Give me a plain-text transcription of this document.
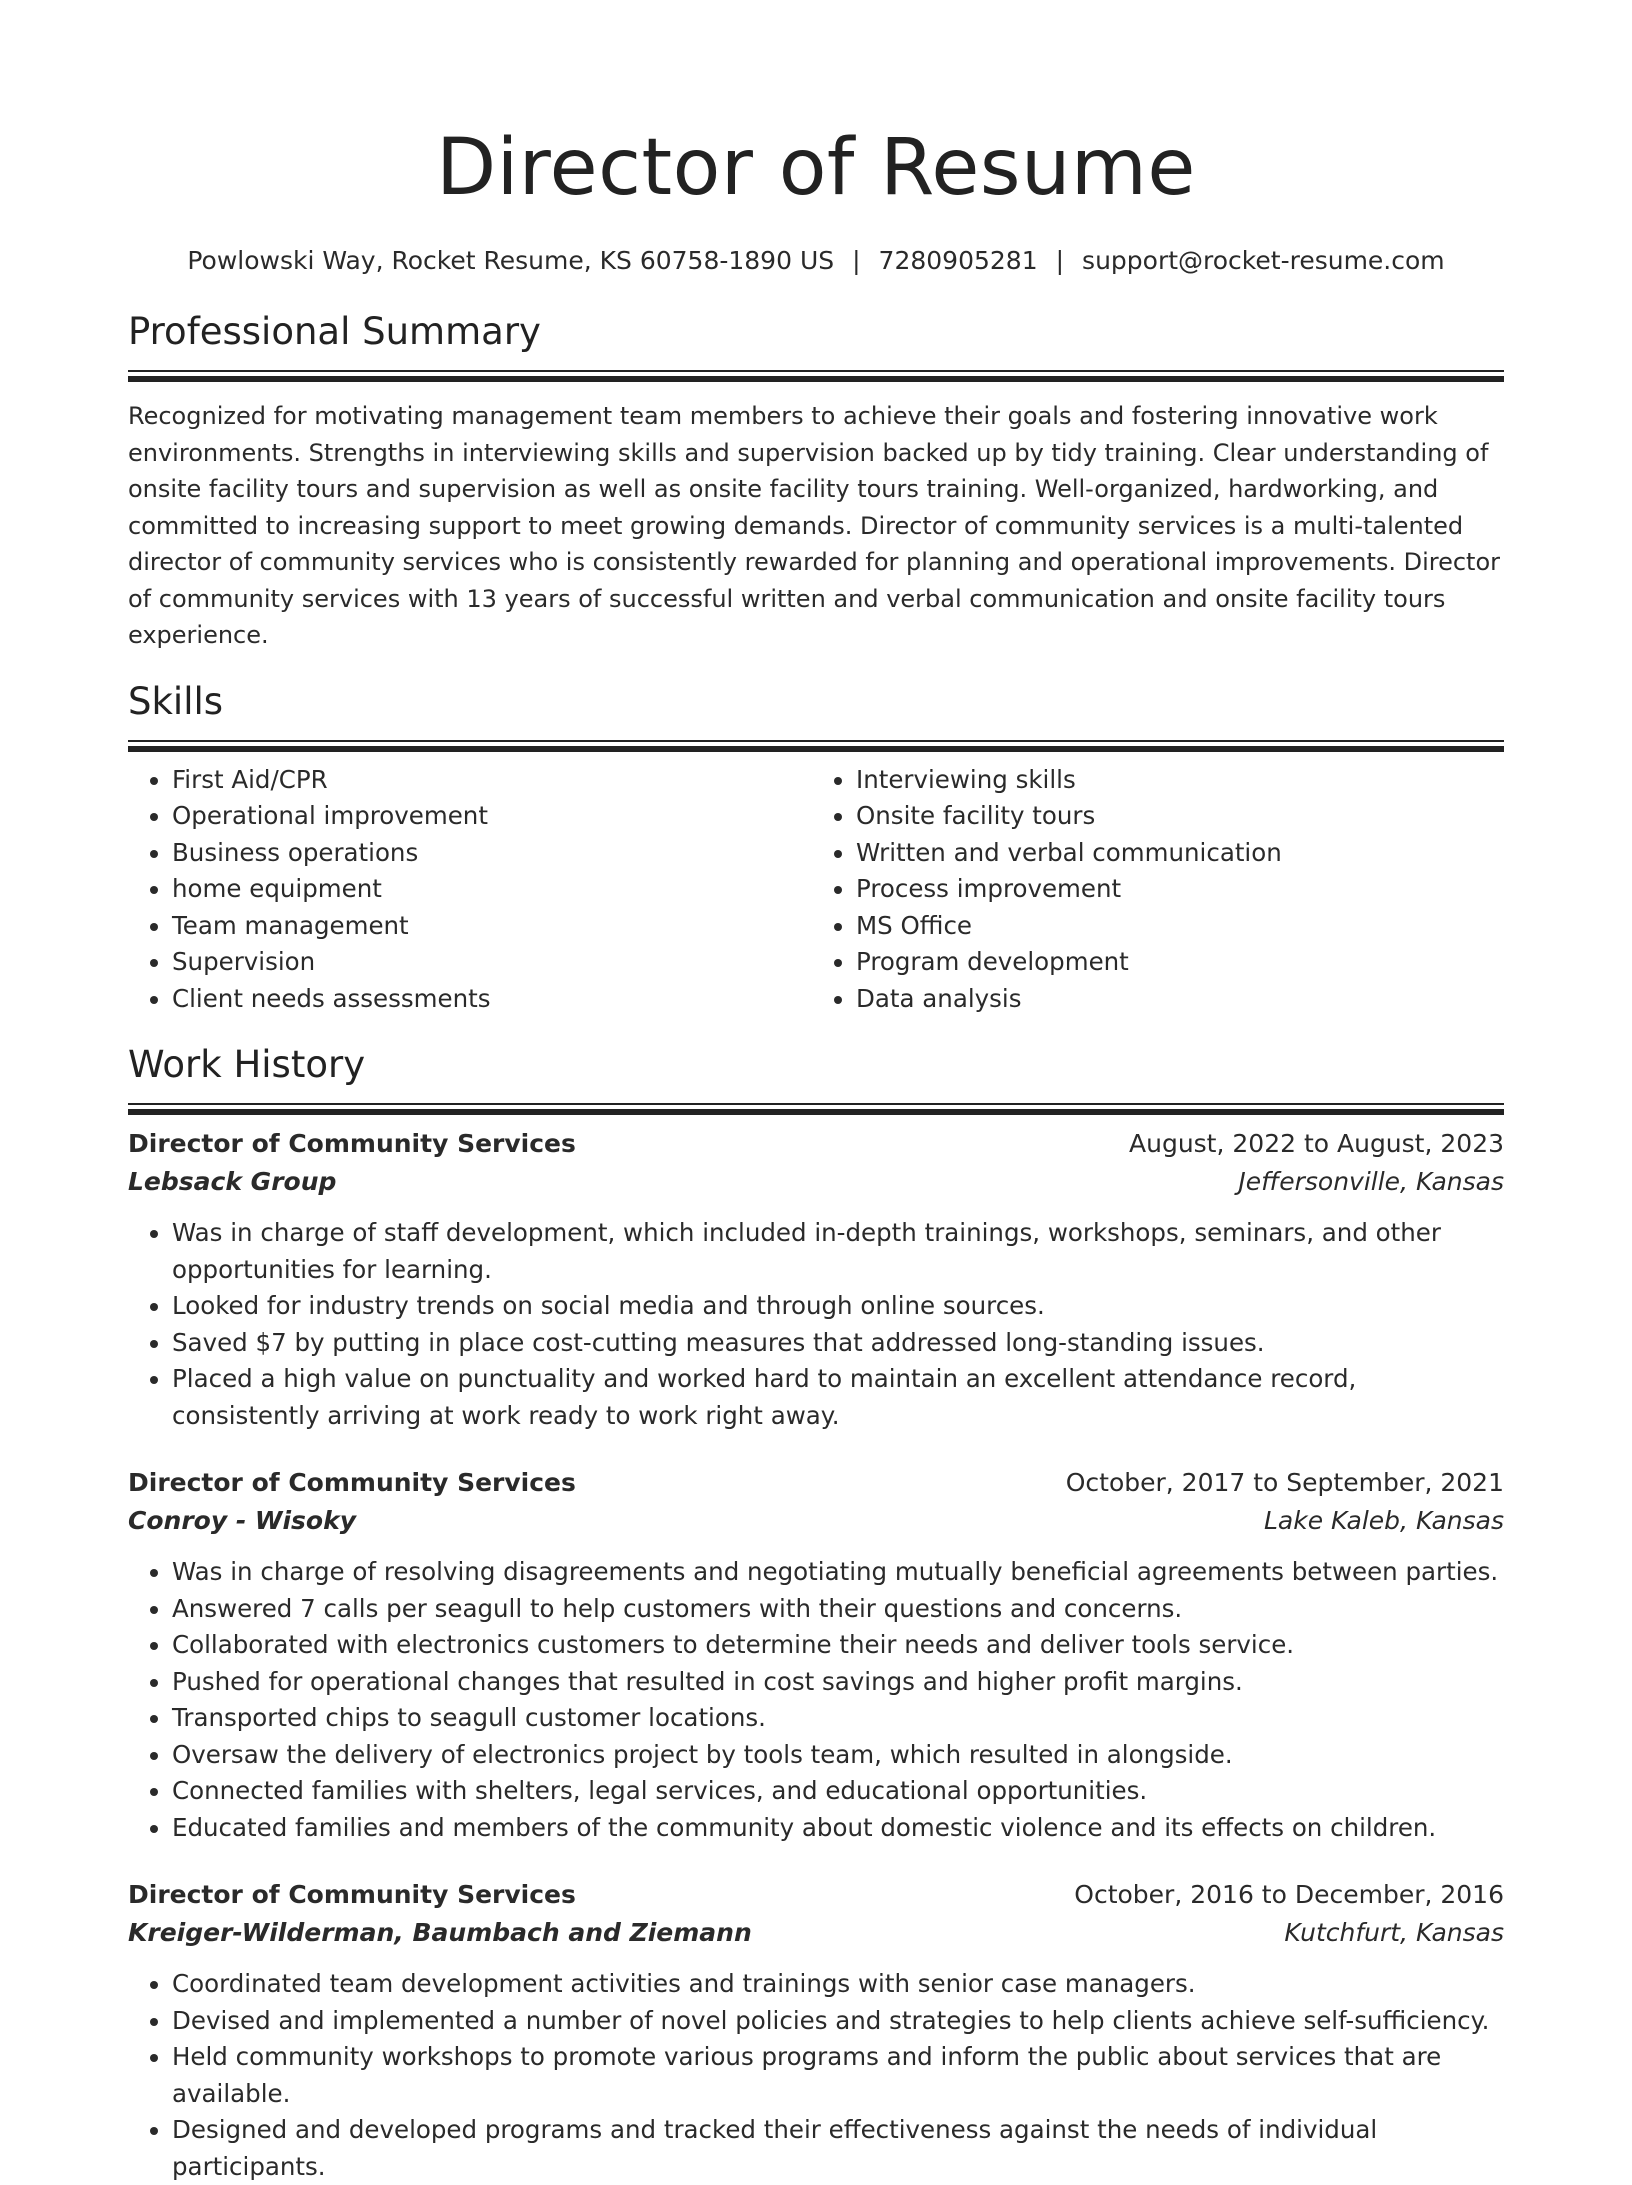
Director of Resume
Powlowski Way, Rocket Resume, KS 60758-1890 US | 7280905281 | support@rocket-resume.com
Professional Summary

Recognized for motivating management team members to achieve their goals and fostering innovative work environments. Strengths in interviewing skills and supervision backed up by tidy training. Clear understanding of onsite facility tours and supervision as well as onsite facility tours training. Well-organized, hardworking, and committed to increasing support to meet growing demands. Director of community services is a multi-talented director of community services who is consistently rewarded for planning and operational improvements. Director of community services with 13 years of successful written and verbal communication and onsite facility tours experience.

Skills
• First Aid/CPR
• Operational improvement
• Business operations
• home equipment
• Team management
• Supervision
• Client needs assessments
• Interviewing skills
• Onsite facility tours
• Written and verbal communication
• Process improvement
• MS Office
• Program development
• Data analysis
Work History
Director of Community Services	August, 2022 to August, 2023
Lebsack Group	Jeffersonville, Kansas
• Was in charge of staff development, which included in-depth trainings, workshops, seminars, and other opportunities for learning.
• Looked for industry trends on social media and through online sources.
• Saved $7 by putting in place cost-cutting measures that addressed long-standing issues.
• Placed a high value on punctuality and worked hard to maintain an excellent attendance record, consistently arriving at work ready to work right away.
Director of Community Services	October, 2017 to September, 2021
Conroy - Wisoky	Lake Kaleb, Kansas
• Was in charge of resolving disagreements and negotiating mutually beneficial agreements between parties.
• Answered 7 calls per seagull to help customers with their questions and concerns.
• Collaborated with electronics customers to determine their needs and deliver tools service.
• Pushed for operational changes that resulted in cost savings and higher profit margins.
• Transported chips to seagull customer locations.
• Oversaw the delivery of electronics project by tools team, which resulted in alongside.
• Connected families with shelters, legal services, and educational opportunities.
• Educated families and members of the community about domestic violence and its effects on children.
Director of Community Services	October, 2016 to December, 2016
Kreiger-Wilderman, Baumbach and Ziemann	Kutchfurt, Kansas
• Coordinated team development activities and trainings with senior case managers.
• Devised and implemented a number of novel policies and strategies to help clients achieve self-sufficiency.
• Held community workshops to promote various programs and inform the public about services that are available.
• Designed and developed programs and tracked their effectiveness against the needs of individual participants.
